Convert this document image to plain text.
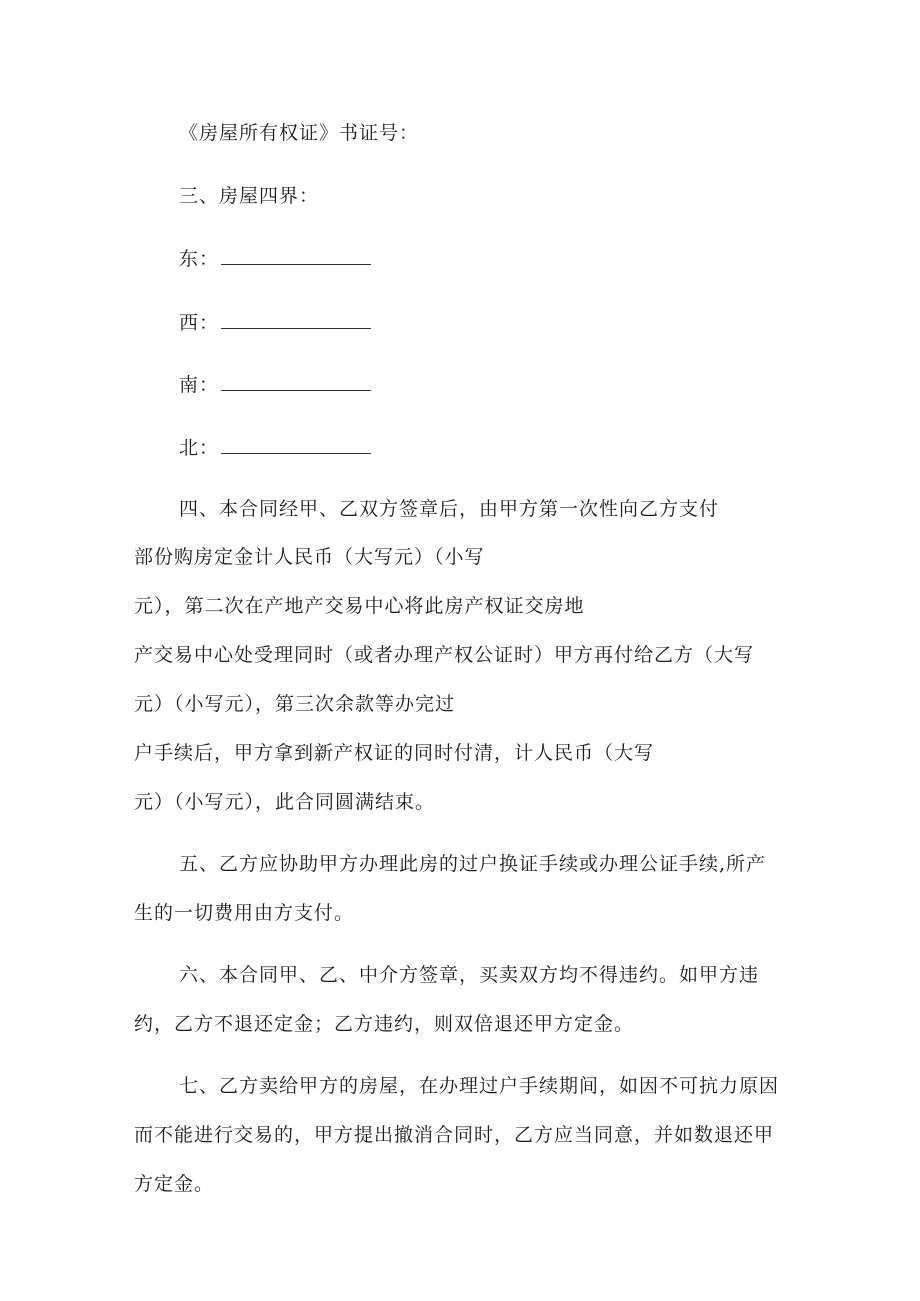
《房屋所有权证》书证号：
三、房屋四界：
东：
西：
南：
北：
四、本合同经甲、乙双方签章后，由甲方第一次性向乙方支付
部份购房定金计人民币（大写元）（小写
元），第二次在产地产交易中心将此房产权证交房地
产交易中心处受理同时（或者办理产权公证时）甲方再付给乙方（大写
元）（小写元），第三次余款等办完过
户手续后，甲方拿到新产权证的同时付清，计人民币（大写
元）（小写元），此合同圆满结束。
五、乙方应协助甲方办理此房的过户换证手续或办理公证手续,所产
生的一切费用由方支付。
六、本合同甲、乙、中介方签章，买卖双方均不得违约。如甲方违
约，乙方不退还定金；乙方违约，则双倍退还甲方定金。
七、乙方卖给甲方的房屋，在办理过户手续期间，如因不可抗力原因
而不能进行交易的，甲方提出撤消合同时，乙方应当同意，并如数退还甲
方定金。
